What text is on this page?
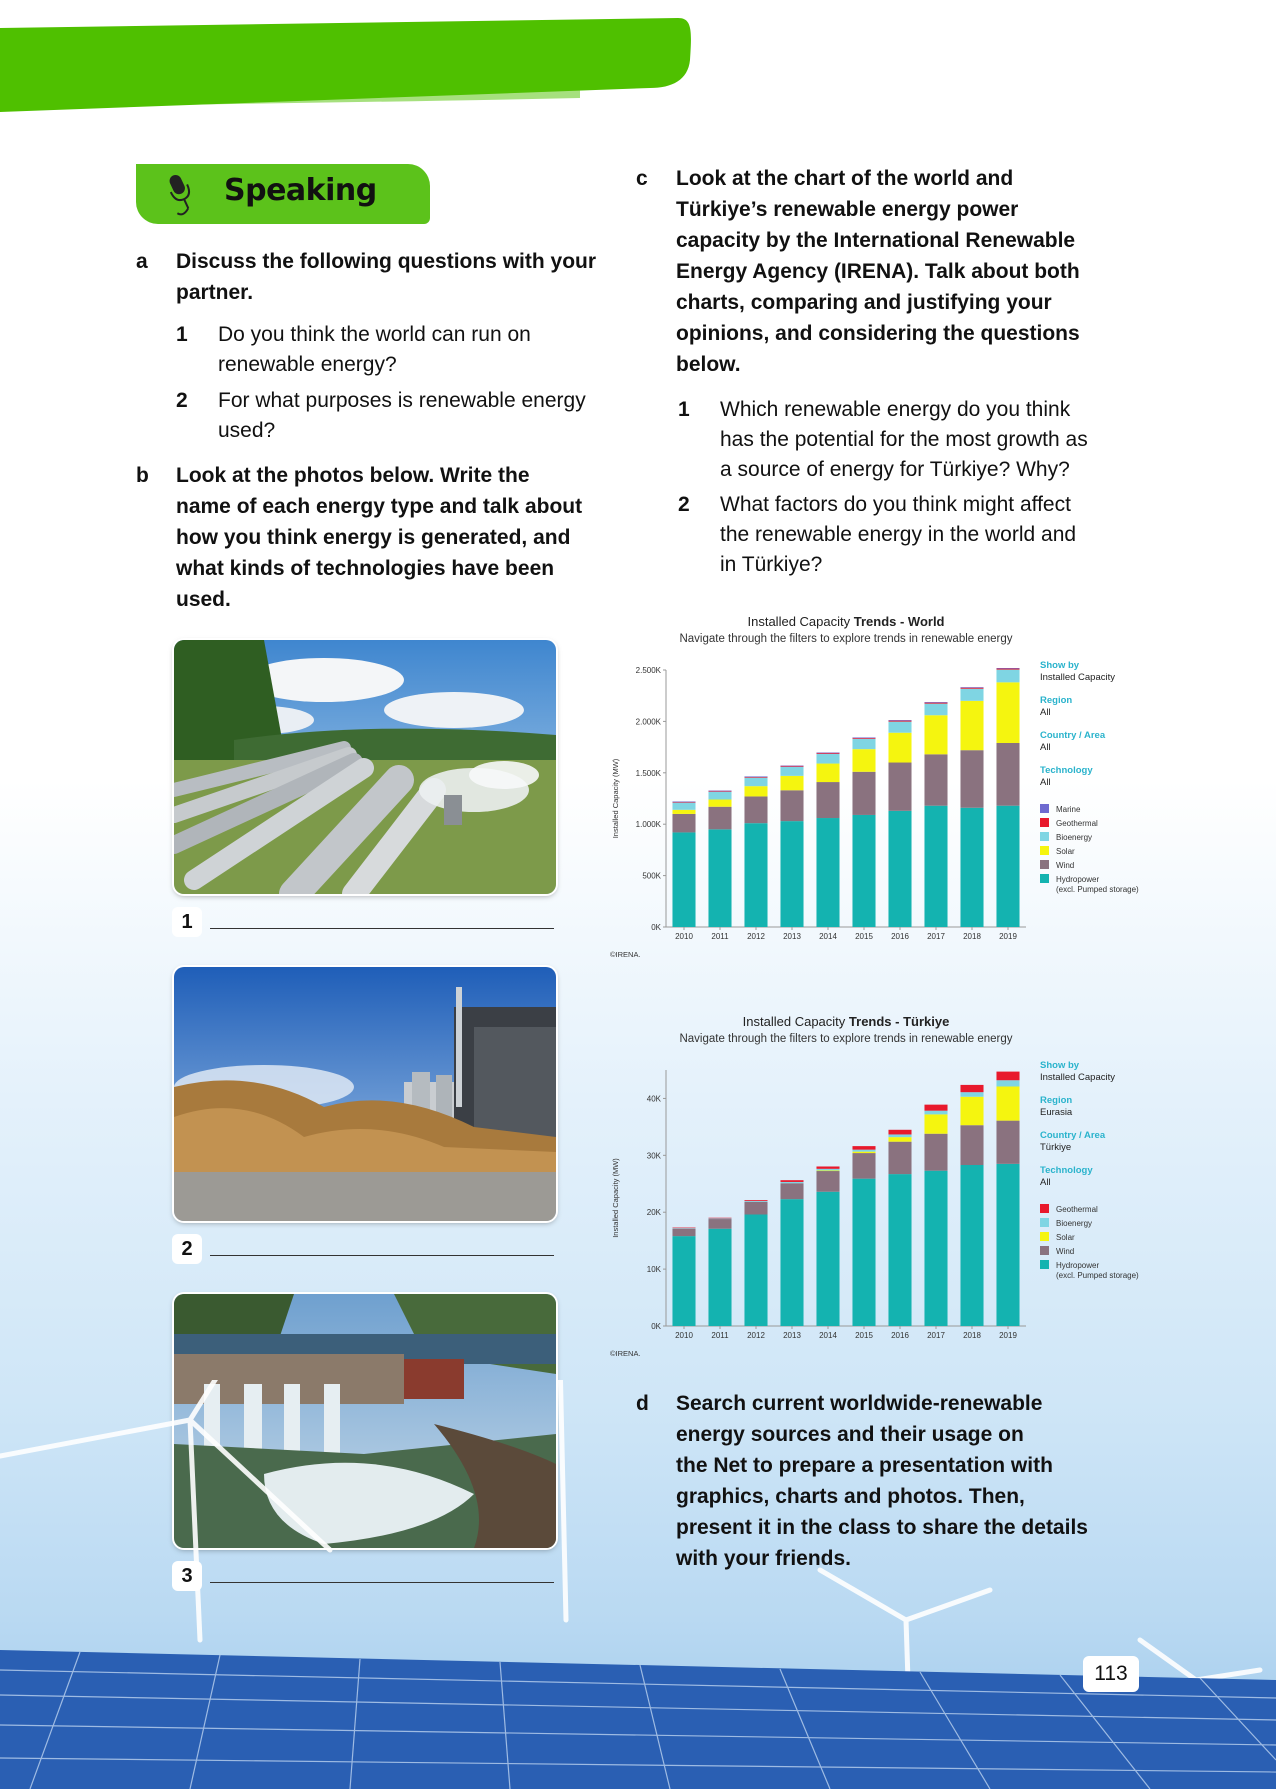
Speaking
a Discuss the following questions with your
partner.
1 Do you think the world can run on
renewable energy?
2 For what purposes is renewable energy
used?
b Look at the photos below. Write the
name of each energy type and talk about
how you think energy is generated, and
what kinds of technologies have been
used.
1
2
3
c Look at the chart of the world and
Türkiye’s renewable energy power
capacity by the International Renewable
Energy Agency (IRENA). Talk about both
charts, comparing and justifying your
opinions, and considering the questions
below.
1 Which renewable energy do you think
has the potential for the most growth as
a source of energy for Türkiye? Why?
2 What factors do you think might affect
the renewable energy in the world and
in Türkiye?
Installed Capacity Trends - World
Navigate through the filters to explore trends in renewable energy
Installed Capacity (MW)
0K
500K
1.000K
1.500K
2.000K
2.500K
2010 2011 2012 2013 2014 2015 2016 2017 2018 2019
Show by
Installed Capacity
Region
All
Country / Area
All
Technology
All
Marine
Geothermal
Bioenergy
Solar
Wind
Hydropower
(excl. Pumped storage)
©IRENA.
Installed Capacity Trends - Türkiye
Navigate through the filters to explore trends in renewable energy
Installed Capacity (MW)
0K
10K
20K
30K
40K
2010 2011 2012 2013 2014 2015 2016 2017 2018 2019
Show by
Installed Capacity
Region
Eurasia
Country / Area
Türkiye
Technology
All
Geothermal
Bioenergy
Solar
Wind
Hydropower
(excl. Pumped storage)
©IRENA.
d Search current worldwide-renewable
energy sources and their usage on
the Net to prepare a presentation with
graphics, charts and photos. Then,
present it in the class to share the details
with your friends.
113
